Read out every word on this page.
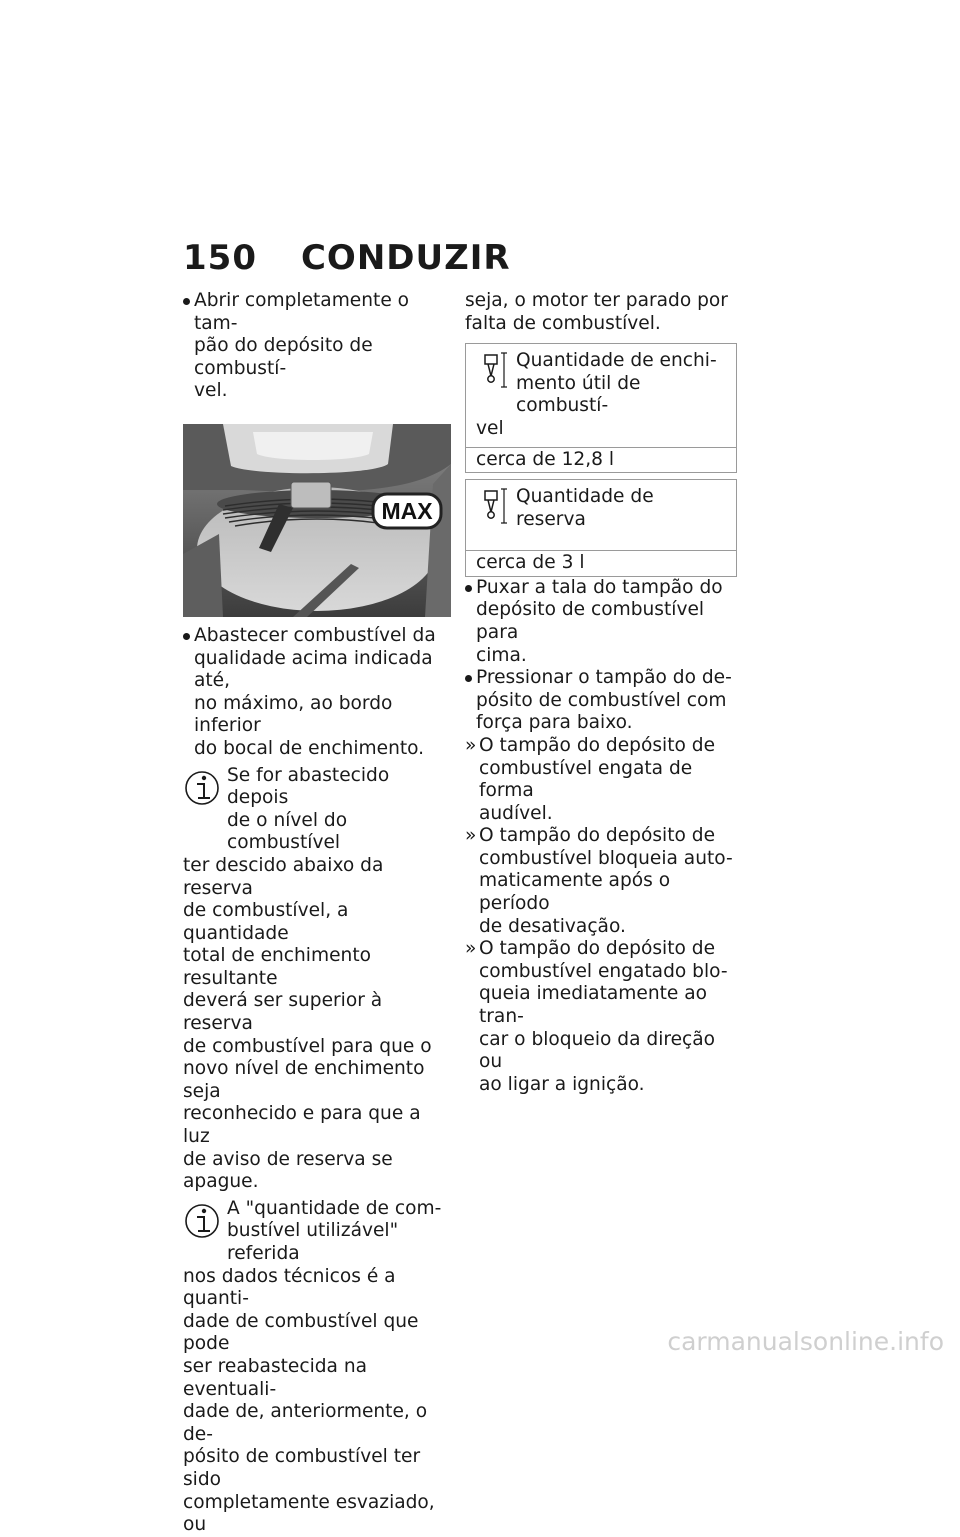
150 CONDUZIR

Abrir completamente o tam-
pão do depósito de combustí-
vel.

MAX

Abastecer combustível da
qualidade acima indicada até,
no máximo, ao bordo inferior
do bocal de enchimento.

Se for abastecido depois
de o nível do combustível
ter descido abaixo da reserva
de combustível, a quantidade
total de enchimento resultante
deverá ser superior à reserva
de combustível para que o
novo nível de enchimento seja
reconhecido e para que a luz
de aviso de reserva se apague.
A "quantidade de com-
bustível utilizável" referida
nos dados técnicos é a quanti-
dade de combustível que pode
ser reabastecida na eventuali-
dade de, anteriormente, o de-
pósito de combustível ter sido
completamente esvaziado, ou

seja, o motor ter parado por
falta de combustível.

Quantidade de enchi-
mento útil de combustí-
vel
cerca de 12,8 l
Quantidade de reserva
cerca de 3 l

Puxar a tala do tampão do
depósito de combustível para
cima.

Pressionar o tampão do de-
pósito de combustível com
força para baixo.

» O tampão do depósito de
combustível engata de forma
audível.

» O tampão do depósito de
combustível bloqueia auto-
maticamente após o período
de desativação.

» O tampão do depósito de
combustível engatado blo-
queia imediatamente ao tran-
car o bloqueio da direção ou
ao ligar a ignição.

carmanualsonline.info
